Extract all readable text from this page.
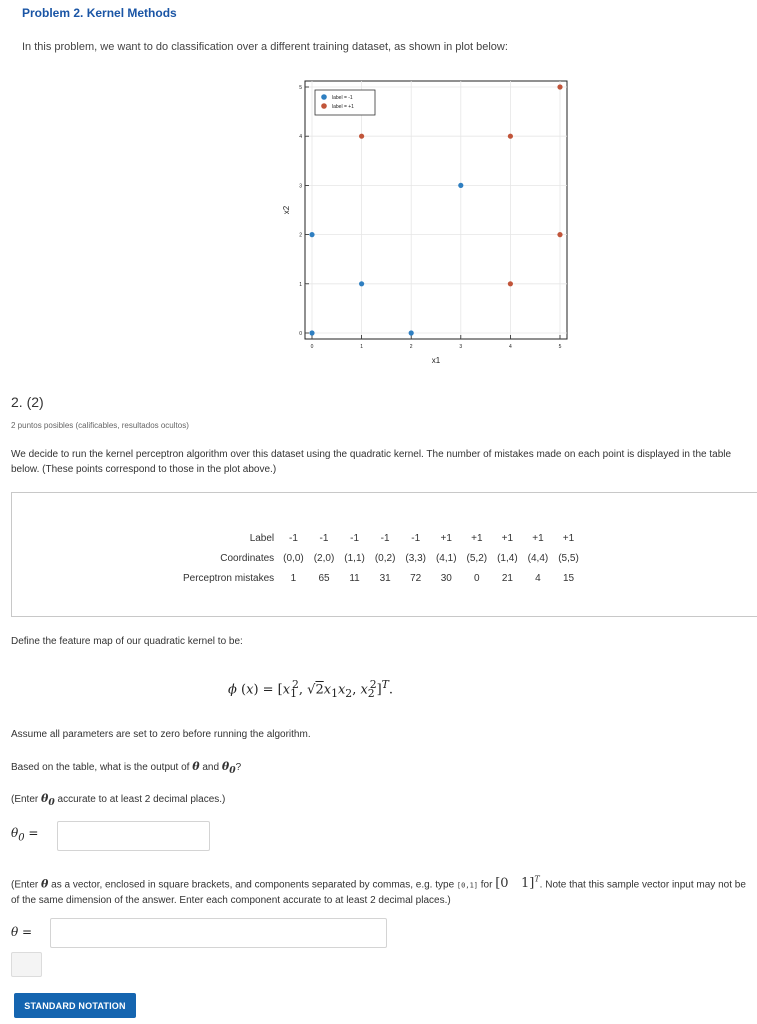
Problem 2. Kernel Methods
In this problem, we want to do classification over a different training dataset, as shown in plot below:
0	1	2	3	4	5
0
1
2
3
4
5
x1
x2
label = -1
label = +1
2. (2)
2 puntos posibles (calificables, resultados ocultos)
We decide to run the kernel perceptron algorithm over this dataset using the quadratic kernel. The number of mistakes made on each point is displayed in the table below. (These points correspond to those in the plot above.)
Label	-1	-1	-1	-1	-1	+1	+1	+1	+1	+1
Coordinates	(0,0)	(2,0)	(1,1)	(0,2)	(3,3)	(4,1)	(5,2)	(1,4)	(4,4)	(5,5)
Perceptron mistakes	1	65	11	31	72	30	0	21	4	15
Define the feature map of our quadratic kernel to be:
ϕ $(x) = [x_1^2$, $√2x_1x_2$, $x_2^2]^T$.
Assume all parameters are set to zero before running the algorithm.
Based on the table, what is the output of θ and $\theta_0$?
(Enter $\theta_0$ accurate to at least 2 decimal places.)
$\theta_0$ =
(Enter θ as a vector, enclosed in square brackets, and components separated by commas, e.g. type [0,1] for [0   1]$^T$. Note that this sample vector input may not be of the same dimension of the answer. Enter each component accurate to at least 2 decimal places.)
θ =
STANDARD NOTATION
